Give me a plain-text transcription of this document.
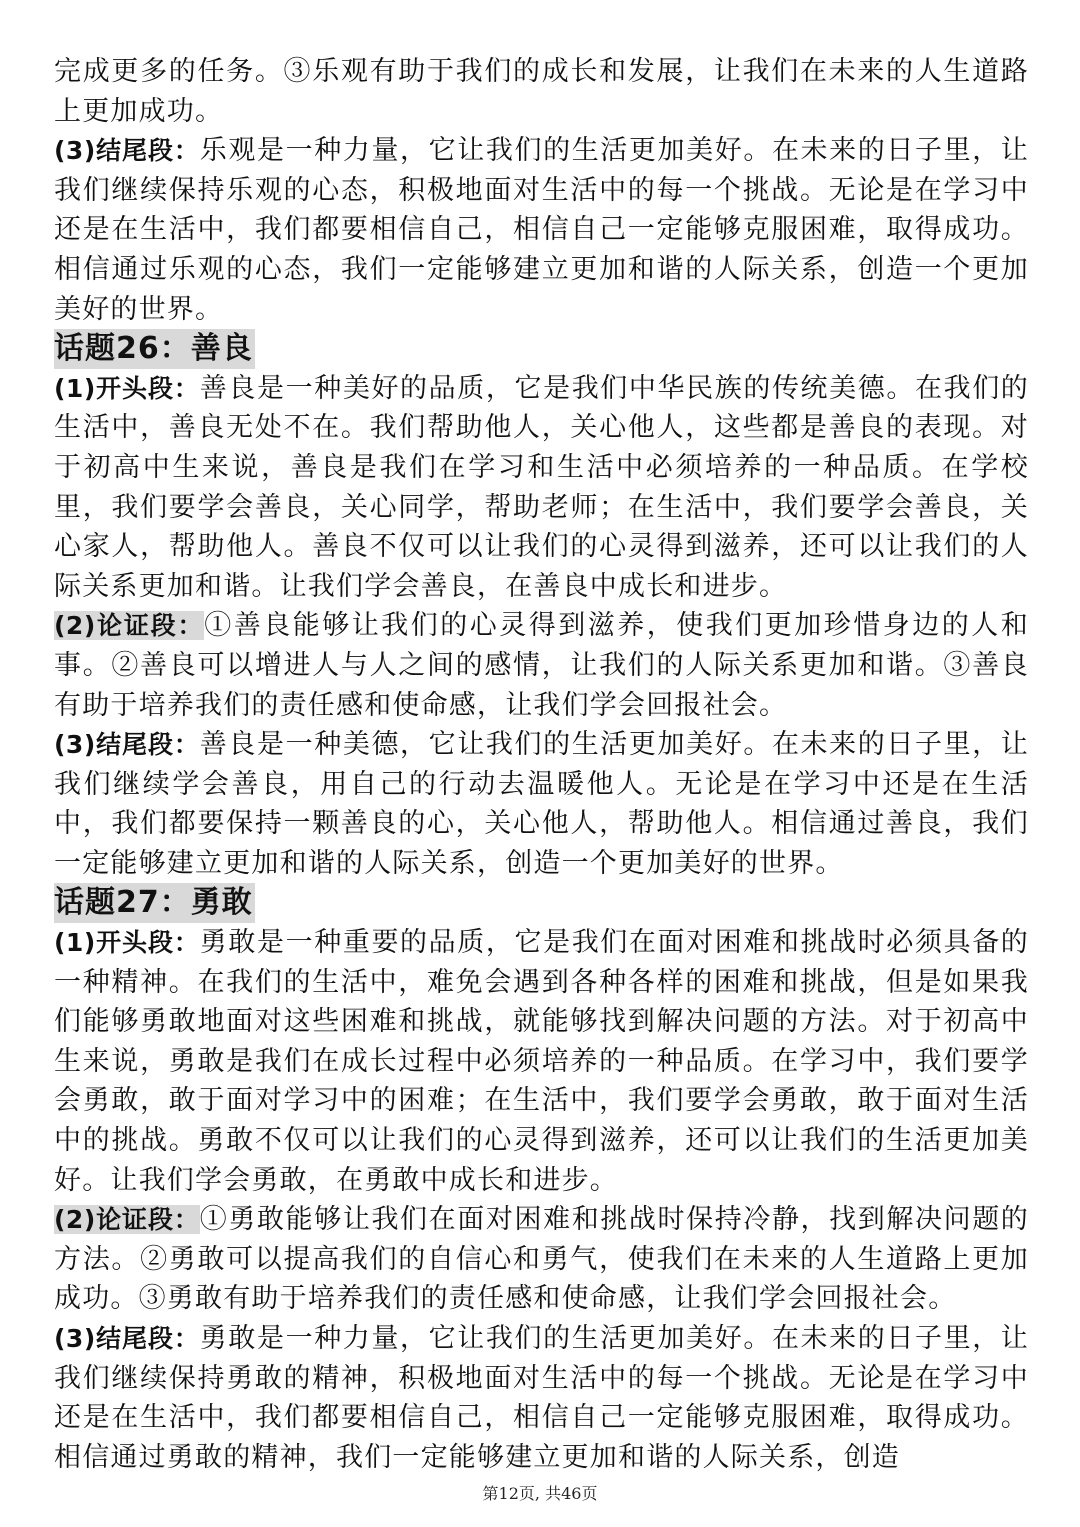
完成更多的任务。③乐观有助于我们的成长和发展，让我们在未来的人生道路上更加成功。

(3)结尾段：乐观是一种力量，它让我们的生活更加美好。在未来的日子里，让我们继续保持乐观的心态，积极地面对生活中的每一个挑战。无论是在学习中还是在生活中，我们都要相信自己，相信自己一定能够克服困难，取得成功。相信通过乐观的心态，我们一定能够建立更加和谐的人际关系，创造一个更加美好的世界。

话题26：善良

(1)开头段：善良是一种美好的品质，它是我们中华民族的传统美德。在我们的生活中，善良无处不在。我们帮助他人，关心他人，这些都是善良的表现。对于初高中生来说，善良是我们在学习和生活中必须培养的一种品质。在学校里，我们要学会善良，关心同学，帮助老师；在生活中，我们要学会善良，关心家人，帮助他人。善良不仅可以让我们的心灵得到滋养，还可以让我们的人际关系更加和谐。让我们学会善良，在善良中成长和进步。

(2)论证段：①善良能够让我们的心灵得到滋养，使我们更加珍惜身边的人和事。②善良可以增进人与人之间的感情，让我们的人际关系更加和谐。③善良有助于培养我们的责任感和使命感，让我们学会回报社会。

(3)结尾段：善良是一种美德，它让我们的生活更加美好。在未来的日子里，让我们继续学会善良，用自己的行动去温暖他人。无论是在学习中还是在生活中，我们都要保持一颗善良的心，关心他人，帮助他人。相信通过善良，我们一定能够建立更加和谐的人际关系，创造一个更加美好的世界。

话题27：勇敢

(1)开头段：勇敢是一种重要的品质，它是我们在面对困难和挑战时必须具备的一种精神。在我们的生活中，难免会遇到各种各样的困难和挑战，但是如果我们能够勇敢地面对这些困难和挑战，就能够找到解决问题的方法。对于初高中生来说，勇敢是我们在成长过程中必须培养的一种品质。在学习中，我们要学会勇敢，敢于面对学习中的困难；在生活中，我们要学会勇敢，敢于面对生活中的挑战。勇敢不仅可以让我们的心灵得到滋养，还可以让我们的生活更加美好。让我们学会勇敢，在勇敢中成长和进步。

(2)论证段：①勇敢能够让我们在面对困难和挑战时保持冷静，找到解决问题的方法。②勇敢可以提高我们的自信心和勇气，使我们在未来的人生道路上更加成功。③勇敢有助于培养我们的责任感和使命感，让我们学会回报社会。

(3)结尾段：勇敢是一种力量，它让我们的生活更加美好。在未来的日子里，让我们继续保持勇敢的精神，积极地面对生活中的每一个挑战。无论是在学习中还是在生活中，我们都要相信自己，相信自己一定能够克服困难，取得成功。相信通过勇敢的精神，我们一定能够建立更加和谐的人际关系，创造

第12页, 共46页
